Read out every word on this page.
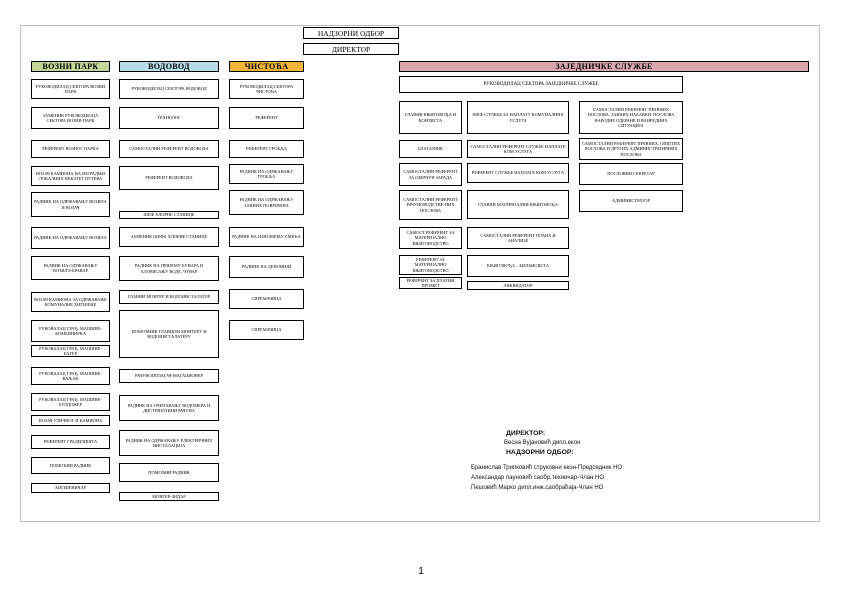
НАДЗОРНИ ОДБОР
ДИРЕКТОР
ВОЗНИ ПАРК	ВОДОВОД	ЧИСТОЋА	ЗАЈЕДНИЧКЕ СЛУЖБЕ
РУКОВОДИЛАЦ СЕКТОРА ВОЗНИ ПАРК
ЗАМЕНИК РУКОВОДИОЦА СЕКТОРА ВОЗНИ ПАРК
РЕФЕРЕНТ ВОЗНОГ ПАРКА
ВОЗАЧ КАМИОНА НА ИЗГРАДЊИ ЛОКАЛНИХ НЕКАТЕГ.ПУТЕВА
РАДНИК НА ОДРЖАВАЊУ ВОЗИЛА И ВОЗАЧ
РАДНИК НА ОДРЖАВАЊУ ВОЗИЛА
РАДНИК НА ОДРЖАВАЊУ ВОЗИЛА-БРАВАР
ВОЗАЧ КАМИОНА ЗА ОДРЖАВАЊЕ КОМУНАЛНЕ ХИГИЈЕНЕ
РУКОВАЛАЦ ГРАЂ. МАШИНЕ-КОМБИНИРКА
РУКОВАЛАЦ ГРАЂ. МАШИНЕ-БАГЕР
РУКОВАЛАЦ ГРАЂ. МАШИНЕ-ВАЉАК
РУКОВАЛАЦ ГРАЂ. МАШИНЕ-БУЛДОЖЕР
ВОЗАЧ УЛИЧНОГ И КАМИОНА
РЕФЕРЕНТ ГРАДИЛИШТА
ПОМОЋНИ РАДНИК
ХИГИЈЕНИЧАР
РУКОВОДИЛАЦ СЕКТОРА ВОДОВОД
ТЕХНОЛОГ
САМОСТАЛНИ РЕФЕРЕНТ ВОДОВОДА
РЕФЕРЕНТ ВОДОВОДА
ШЕФ ХЛОРНЕ СТАНИЦЕ
ЗАМЕНИК ШЕФА ХЛОРНЕ СТАНИЦЕ
РАДНИК НА ПРИЈЕМУ БУНАРА И ХЛОРИСАЊУ ВОДЕ, ЧУВАР
ГЛАВНИ МОНТЕР И ВОДОИНСТАЛАТЕР
ПОМОЋНИК ГЛАВНОМ МОНТЕРУ И ВОДОИНСТАЛАТЕРУ
РАЧУНОПОЛАГАЧ-МАГАЦИОНЕР
РАДНИК НА ОЧИТАВАЊУ ВОДОМЕРА И ДИСТРИБУЦИЈИ РАЧУНА
РАДНИК НА ОДРЖАВАЊУ ЕЛЕКТРИЧНИХ ИНСТАЛАЦИЈА
ПОМОЋНИ РАДНИК
МОНТЕР-ЗИДАР
РУКОВОДИЛАЦ СЕКТОРА ЧИСТОЋА
РЕФЕРЕНТ
РЕФЕРЕНТ ГРОБЉА
РАДНИК НА ОДРЖАВАЊУ ГРОБЉА
РАДНИК НА ОДРЖАВАЊУ ЗАВНИХ ПОВРШИНА
РАДНИК НА ИЗНОШЕЊУ СМЕЋА
РАДНИК НА ДЕПОНИЈИ
СПРЕМАЧИЦА
СПРЕМАЧИЦА
РУКОВОДИЛАЦ СЕКТОРА ЗАЈЕДНИЧКЕ СЛУЖБЕ
ГЛАВНИ КЊИГОВОЂА И КОНТИСТА
БЛАГАЈНИК
САМОСТАЛНИ РЕФЕРЕНТ ЗА ОБРАЧУН ЗАРАДА
САМОСТАЛНИ РЕФЕРЕНТ РАЧУНОВОДСТВЕ-НИХ ПОСЛОВА
САМОСТ.РЕФЕРЕНТ ЗА МАТЕРИЈАЛНО КЊИГОВОДСТВО
РЕФЕРЕНТ ЗА МАТЕРИЈАЛНО КЊИГОВОДСТВО
РЕФЕРЕНТ ЗА ПЛАТНИ ПРОМЕТ
ШЕФ СЛУЖБЕ ЗА НАПЛАТУ КОМУНАЛНИХ УСЛУГА
САМОСТАЛНИ РЕФЕРЕНТ СЛУЖБЕ НАПЛАТЕ КОМ.УСЛУГА
РЕФЕРЕНТ СЛУЖБЕ НАПЛАТЕ КОМ.УСЛУГА
ГЛАВНИ МАТЕРИЈАЛНИ КЊИГОВОЂА
САМОСТАЛНИ РЕФЕРЕНТ ПЛАНА И АНАЛИЗЕ
КЊИГОВОЂА – БИЛАНСИСТА
ЛИКВИДАТОР
САМОСТАЛНИ РЕФЕРЕНТ ПРАВНИХ ПОСЛОВА, ЗАВНИХ НАБАВКИ, ПОСЛОВА НАРОДНЕ ОДБРАНЕ И ВАНРЕДНИХ СИТУАЦИЈА
САМОСТАЛНИ РЕФЕРЕНТ ПРАВНИХ, ОПШТИХ ПОСЛОВА И ДРУГИХ АДМИНИСТРАТИВНИХ ПОСЛОВА
ПОСЛОВНИ СЕКРЕТАР
АДМИНИСТРАТОР
ДИРЕКТОР:
Весна Вујановић дипл.екон
НАДЗОРНИ ОДБОР:
Бранислав Трипковић струковни екон-Председник НО
Александар пауновић саобр.техничар-Члан НО
Пешовић Марко дипл.инж.саобраћаја-Члан НО
1
